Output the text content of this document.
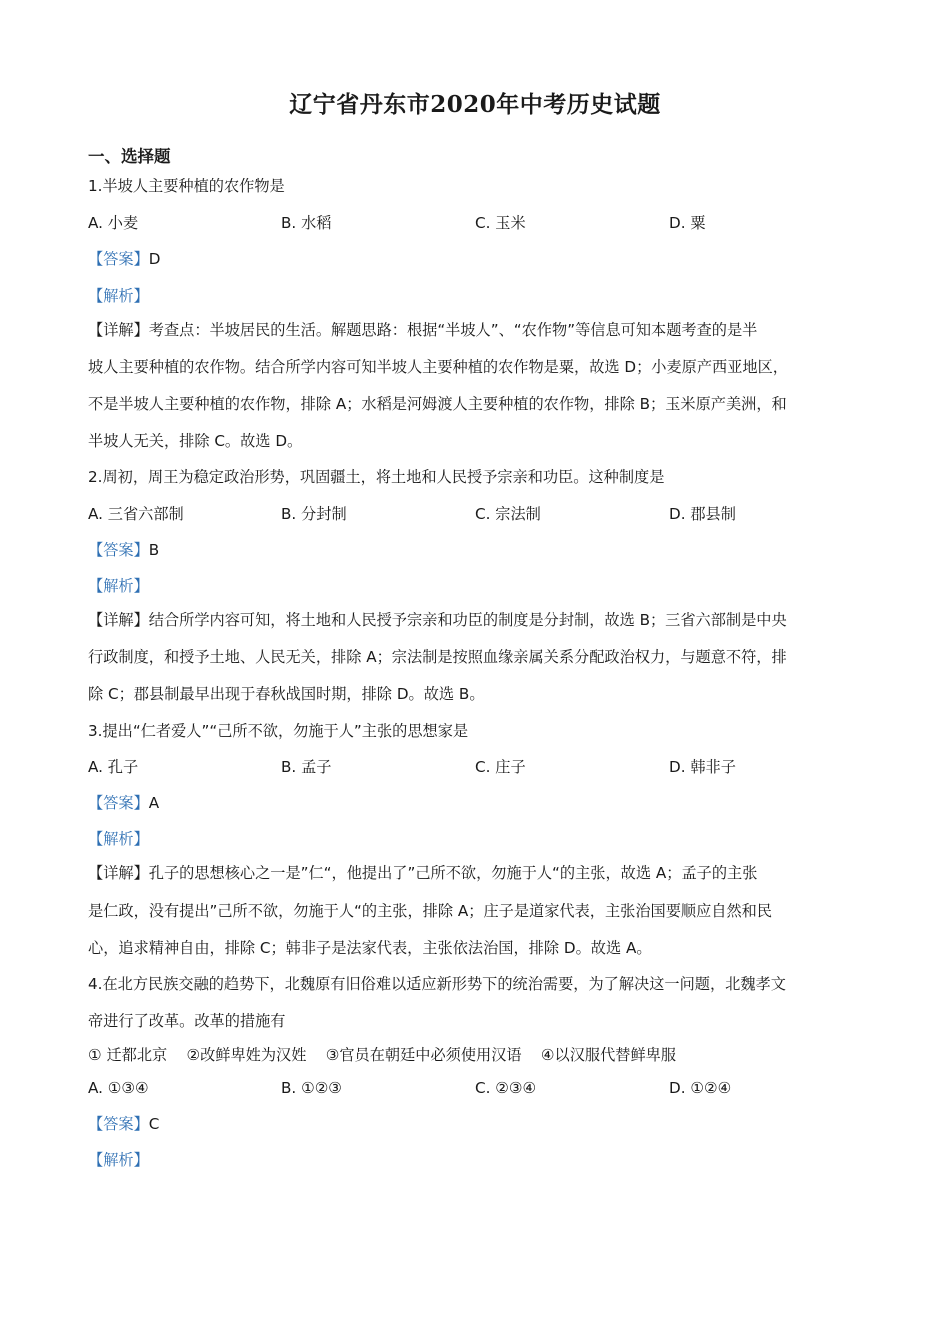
辽宁省丹东市2020年中考历史试题
一、选择题
1.半坡人主要种植的农作物是
A. 小麦	B. 水稻	C. 玉米	D. 粟
【答案】D
【解析】
【详解】考查点：半坡居民的生活。解题思路：根据“半坡人”、“农作物”等信息可知本题考查的是半
坡人主要种植的农作物。结合所学内容可知半坡人主要种植的农作物是粟，故选 D；小麦原产西亚地区，
不是半坡人主要种植的农作物，排除 A；水稻是河姆渡人主要种植的农作物，排除 B；玉米原产美洲，和
半坡人无关，排除 C。故选 D。
2.周初，周王为稳定政治形势，巩固疆土，将土地和人民授予宗亲和功臣。这种制度是
A. 三省六部制	B. 分封制	C. 宗法制	D. 郡县制
【答案】B
【解析】
【详解】结合所学内容可知，将土地和人民授予宗亲和功臣的制度是分封制，故选 B；三省六部制是中央
行政制度，和授予土地、人民无关，排除 A；宗法制是按照血缘亲属关系分配政治权力，与题意不符，排
除 C；郡县制最早出现于春秋战国时期，排除 D。故选 B。
3.提出“仁者爱人”“己所不欲，勿施于人”主张的思想家是
A. 孔子	B. 孟子	C. 庄子	D. 韩非子
【答案】A
【解析】
【详解】孔子的思想核心之一是”仁“，他提出了”己所不欲，勿施于人“的主张，故选 A；孟子的主张
是仁政，没有提出”己所不欲，勿施于人“的主张，排除 A；庄子是道家代表，主张治国要顺应自然和民
心，追求精神自由，排除 C；韩非子是法家代表，主张依法治国，排除 D。故选 A。
4.在北方民族交融的趋势下，北魏原有旧俗难以适应新形势下的统治需要，为了解决这一问题，北魏孝文
帝进行了改革。改革的措施有
① 迁都北京    ②改鲜卑姓为汉姓    ③官员在朝廷中必须使用汉语    ④以汉服代替鲜卑服
A. ①③④	B. ①②③	C. ②③④	D. ①②④
【答案】C
【解析】
